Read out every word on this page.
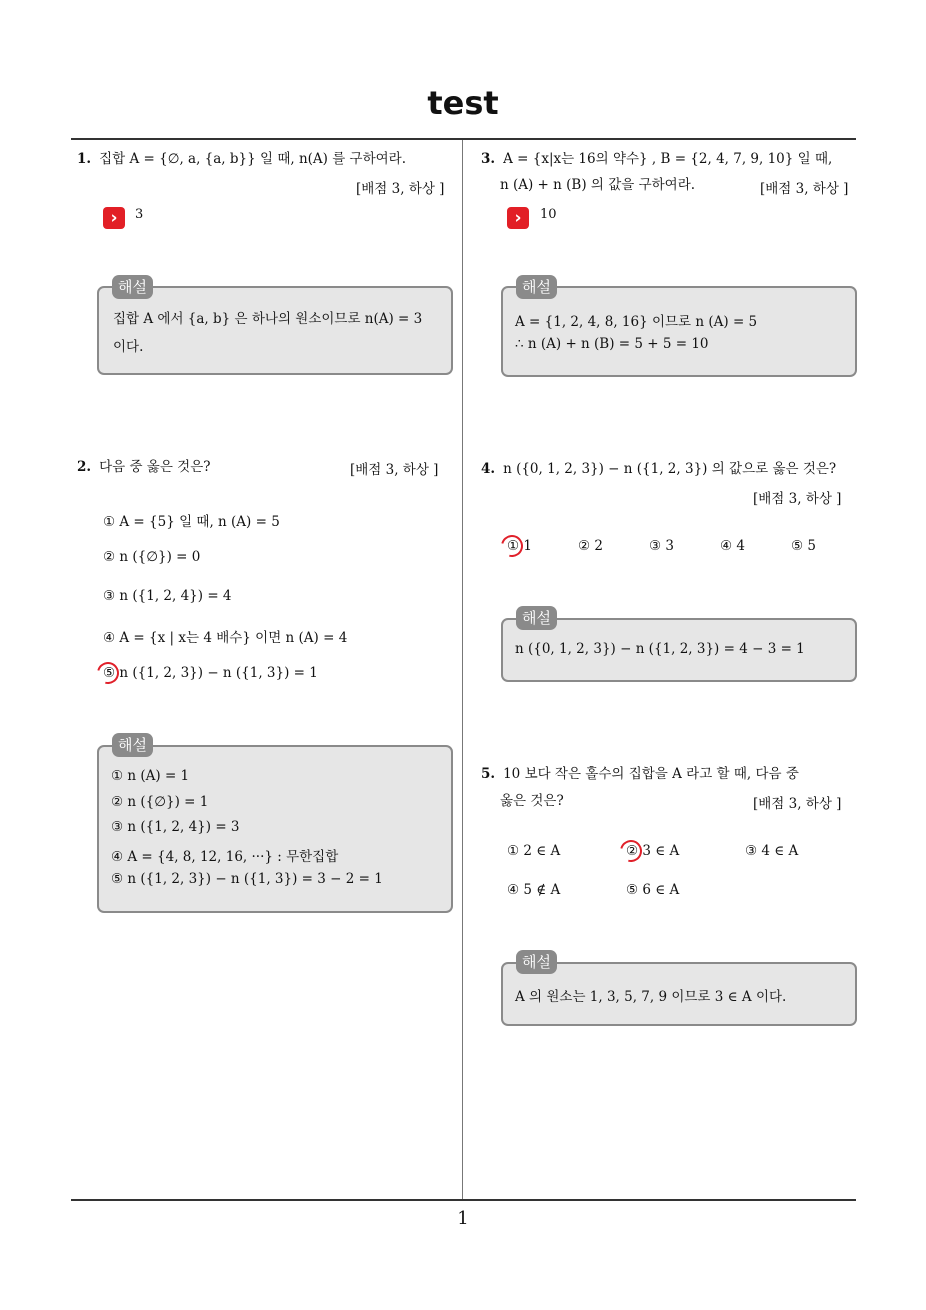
test
1
1. 집합 A = {∅, a, {a, b}} 일 때, n(A) 를 구하여라.
[배점 3, 하상 ]
›	3
집합 A 에서 {a, b} 은 하나의 원소이므로 n(A) = 3
이다.
해설
2. 다음 중 옳은 것은?	[배점 3, 하상 ]
① A = {5} 일 때, n (A) = 5
② n ({∅}) = 0
③ n ({1, 2, 4}) = 4
④ A = {x | x는 4 배수} 이면 n (A) = 4
⑤ n ({1, 2, 3}) − n ({1, 3}) = 1
① n (A) = 1
② n ({∅}) = 1
③ n ({1, 2, 4}) = 3
④ A = {4, 8, 12, 16, ···} : 무한집합
⑤ n ({1, 2, 3}) − n ({1, 3}) = 3 − 2 = 1
해설
3. A = {x|x는 16의 약수} , B = {2, 4, 7, 9, 10} 일 때,
n (A) + n (B) 의 값을 구하여라.	[배점 3, 하상 ]
›	10
A = {1, 2, 4, 8, 16} 이므로 n (A) = 5
∴ n (A) + n (B) = 5 + 5 = 10
해설
4. n ({0, 1, 2, 3}) − n ({1, 2, 3}) 의 값으로 옳은 것은?
[배점 3, 하상 ]
① 1	② 2	③ 3	④ 4	⑤ 5
n ({0, 1, 2, 3}) − n ({1, 2, 3}) = 4 − 3 = 1
해설
5. 10 보다 작은 홀수의 집합을 A 라고 할 때, 다음 중
옳은 것은?	[배점 3, 하상 ]
① 2 ∈ A	② 3 ∈ A	③ 4 ∈ A
④ 5 ∉ A	⑤ 6 ∈ A
A 의 원소는 1, 3, 5, 7, 9 이므로 3 ∈ A 이다.
해설
